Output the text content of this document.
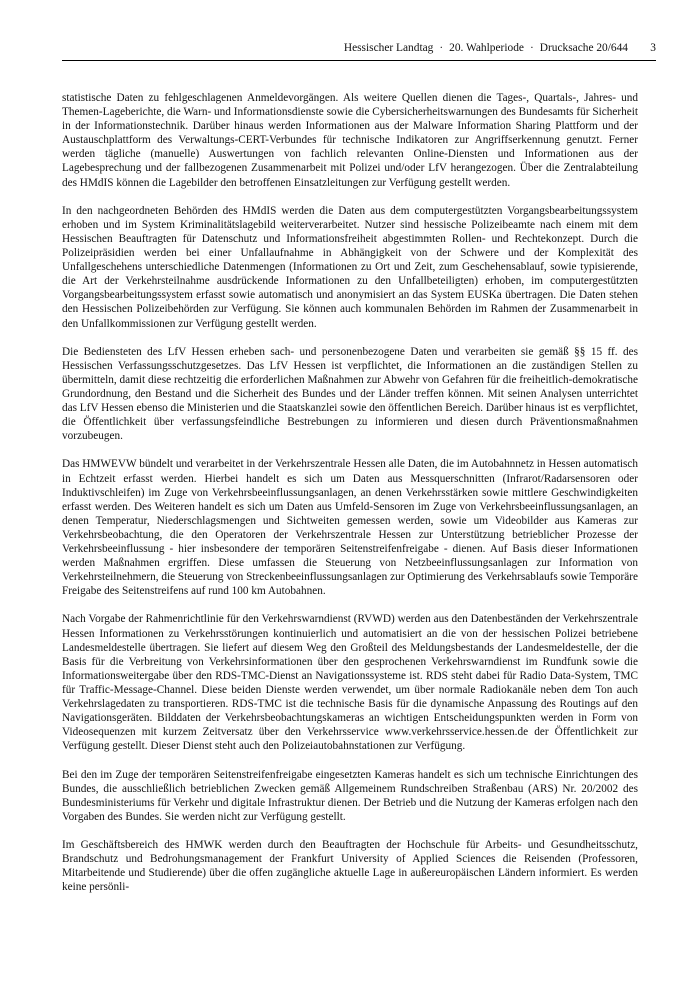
Hessischer Landtag · 20. Wahlperiode · Drucksache 20/644 3

statistische Daten zu fehlgeschlagenen Anmeldevorgängen. Als weitere Quellen dienen die Tages-, Quartals-, Jahres- und Themen-Lageberichte, die Warn- und Informationsdienste sowie die Cybersicherheitswarnungen des Bundesamts für Sicherheit in der Informationstechnik. Darüber hinaus werden Informationen aus der Malware Information Sharing Plattform und der Austauschplattform des Verwaltungs-CERT-Verbundes für technische Indikatoren zur Angriffserkennung genutzt. Ferner werden tägliche (manuelle) Auswertungen von fachlich relevanten Online-Diensten und Informationen aus der Lagebesprechung und der fallbezogenen Zusammenarbeit mit Polizei und/oder LfV herangezogen. Über die Zentralabteilung des HMdIS können die Lagebilder den betroffenen Einsatzleitungen zur Verfügung gestellt werden.

In den nachgeordneten Behörden des HMdIS werden die Daten aus dem computergestützten Vorgangsbearbeitungssystem erhoben und im System Kriminalitätslagebild weiterverarbeitet. Nutzer sind hessische Polizeibeamte nach einem mit dem Hessischen Beauftragten für Datenschutz und Informationsfreiheit abgestimmten Rollen- und Rechtekonzept. Durch die Polizeipräsidien werden bei einer Unfallaufnahme in Abhängigkeit von der Schwere und der Komplexität des Unfallgeschehens unterschiedliche Datenmengen (Informationen zu Ort und Zeit, zum Geschehensablauf, sowie typisierende, die Art der Verkehrsteilnahme ausdrückende Informationen zu den Unfallbeteiligten) erhoben, im computergestützten Vorgangsbearbeitungssystem erfasst sowie automatisch und anonymisiert an das System EUSKa übertragen. Die Daten stehen den Hessischen Polizeibehörden zur Verfügung. Sie können auch kommunalen Behörden im Rahmen der Zusammenarbeit in den Unfallkommissionen zur Verfügung gestellt werden.

Die Bediensteten des LfV Hessen erheben sach- und personenbezogene Daten und verarbeiten sie gemäß §§ 15 ff. des Hessischen Verfassungsschutzgesetzes. Das LfV Hessen ist verpflichtet, die Informationen an die zuständigen Stellen zu übermitteln, damit diese rechtzeitig die erforderlichen Maßnahmen zur Abwehr von Gefahren für die freiheitlich-demokratische Grundordnung, den Bestand und die Sicherheit des Bundes und der Länder treffen können. Mit seinen Analysen unterrichtet das LfV Hessen ebenso die Ministerien und die Staatskanzlei sowie den öffentlichen Bereich. Darüber hinaus ist es verpflichtet, die Öffentlichkeit über verfassungsfeindliche Bestrebungen zu informieren und diesen durch Präventionsmaßnahmen vorzubeugen.

Das HMWEVW bündelt und verarbeitet in der Verkehrszentrale Hessen alle Daten, die im Autobahnnetz in Hessen automatisch in Echtzeit erfasst werden. Hierbei handelt es sich um Daten aus Messquerschnitten (Infrarot/Radarsensoren oder Induktivschleifen) im Zuge von Verkehrsbeeinflussungsanlagen, an denen Verkehrsstärken sowie mittlere Geschwindigkeiten erfasst werden. Des Weiteren handelt es sich um Daten aus Umfeld-Sensoren im Zuge von Verkehrsbeeinflussungsanlagen, an denen Temperatur, Niederschlagsmengen und Sichtweiten gemessen werden, sowie um Videobilder aus Kameras zur Verkehrsbeobachtung, die den Operatoren der Verkehrszentrale Hessen zur Unterstützung betrieblicher Prozesse der Verkehrsbeeinflussung - hier insbesondere der temporären Seitenstreifenfreigabe - dienen. Auf Basis dieser Informationen werden Maßnahmen ergriffen. Diese umfassen die Steuerung von Netzbeeinflussungsanlagen zur Information von Verkehrsteilnehmern, die Steuerung von Streckenbeeinflussungsanlagen zur Optimierung des Verkehrsablaufs sowie Temporäre Freigabe des Seitenstreifens auf rund 100 km Autobahnen.

Nach Vorgabe der Rahmenrichtlinie für den Verkehrswarndienst (RVWD) werden aus den Datenbeständen der Verkehrszentrale Hessen Informationen zu Verkehrsstörungen kontinuierlich und automatisiert an die von der hessischen Polizei betriebene Landesmeldestelle übertragen. Sie liefert auf diesem Weg den Großteil des Meldungsbestands der Landesmeldestelle, der die Basis für die Verbreitung von Verkehrsinformationen über den gesprochenen Verkehrswarndienst im Rundfunk sowie die Informationsweitergabe über den RDS-TMC-Dienst an Navigationssysteme ist. RDS steht dabei für Radio Data-System, TMC für Traffic-Message-Channel. Diese beiden Dienste werden verwendet, um über normale Radiokanäle neben dem Ton auch Verkehrslagedaten zu transportieren. RDS-TMC ist die technische Basis für die dynamische Anpassung des Routings auf den Navigationsgeräten. Bilddaten der Verkehrsbeobachtungskameras an wichtigen Entscheidungspunkten werden in Form von Videosequenzen mit kurzem Zeitversatz über den Verkehrsservice www.verkehrsservice.hessen.de der Öffentlichkeit zur Verfügung gestellt. Dieser Dienst steht auch den Polizeiautobahnstationen zur Verfügung.

Bei den im Zuge der temporären Seitenstreifenfreigabe eingesetzten Kameras handelt es sich um technische Einrichtungen des Bundes, die ausschließlich betrieblichen Zwecken gemäß Allgemeinem Rundschreiben Straßenbau (ARS) Nr. 20/2002 des Bundesministeriums für Verkehr und digitale Infrastruktur dienen. Der Betrieb und die Nutzung der Kameras erfolgen nach den Vorgaben des Bundes. Sie werden nicht zur Verfügung gestellt.

Im Geschäftsbereich des HMWK werden durch den Beauftragten der Hochschule für Arbeits- und Gesundheitsschutz, Brandschutz und Bedrohungsmanagement der Frankfurt University of Applied Sciences die Reisenden (Professoren, Mitarbeitende und Studierende) über die offen zugängliche aktuelle Lage in außereuropäischen Ländern informiert. Es werden keine persönli-
